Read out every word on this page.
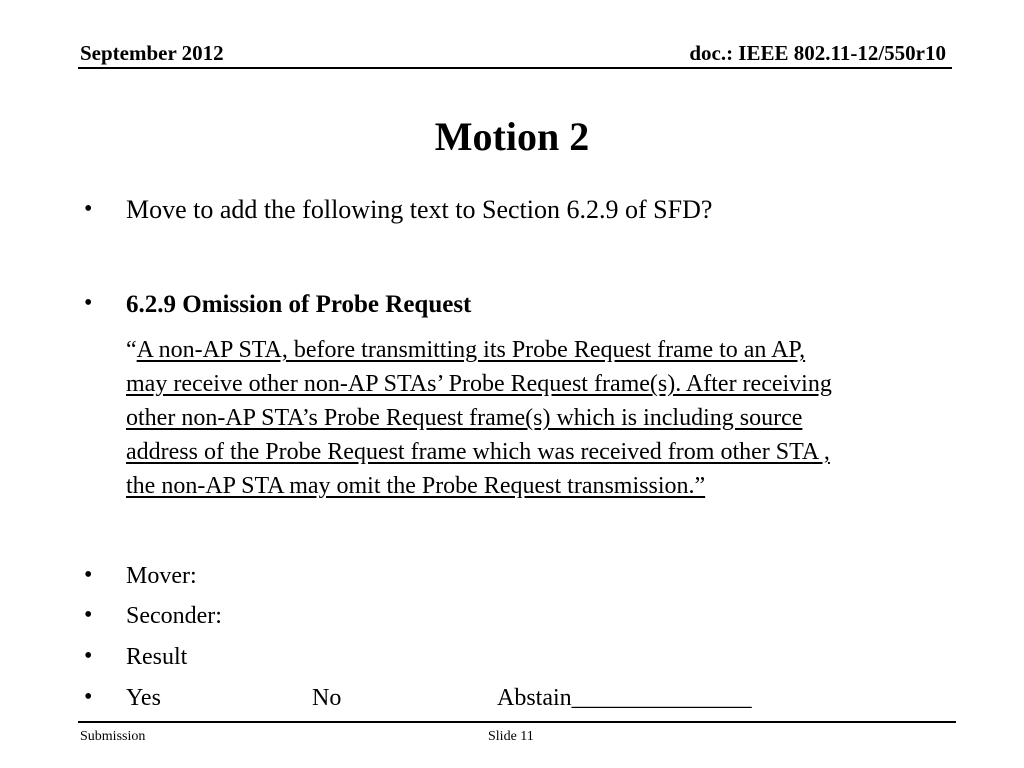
September 2012	doc.: IEEE 802.11-12/550r10
Motion 2
•	Move to add the following text to Section 6.2.9 of SFD?
•	6.2.9 Omission of Probe Request
“A non-AP STA, before transmitting its Probe Request frame to an AP,
may receive other non-AP STAs’ Probe Request frame(s). After receiving
other non-AP STA’s Probe Request frame(s) which is including source
address of the Probe Request frame which was received from other STA ,
the non-AP STA may omit the Probe Request transmission.”
•	Mover:
•	Seconder:
•	Result
•	Yes	No	Abstain_______________
Submission	Slide 11
